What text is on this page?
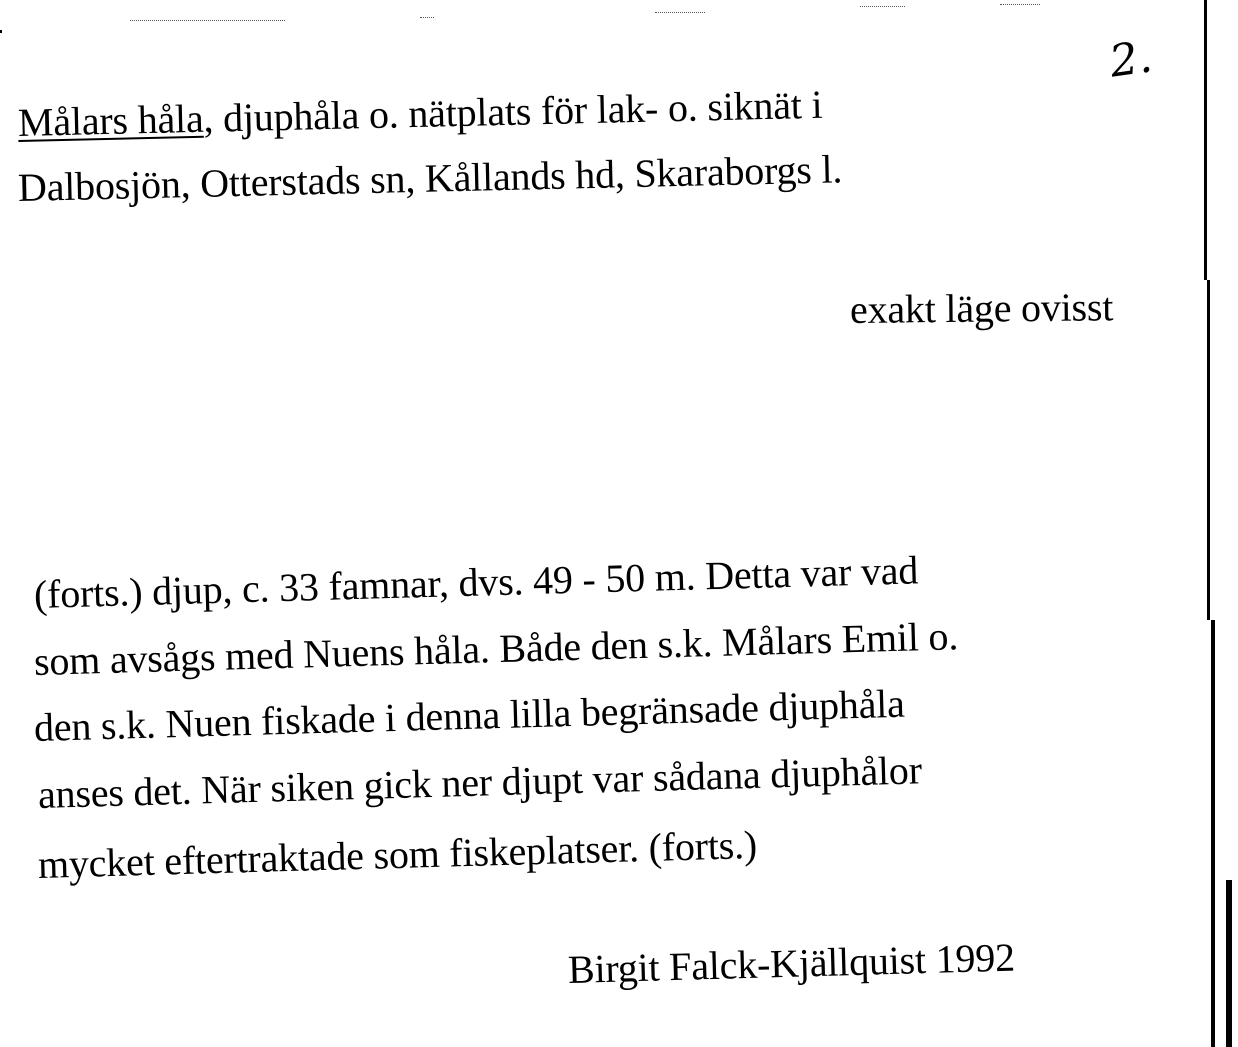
2.
Målars håla, djuphåla o. nätplats för lak- o. siknät i
Dalbosjön, Otterstads sn, Kållands hd, Skaraborgs l.
exakt läge ovisst
(forts.) djup, c. 33 famnar, dvs. 49 - 50 m. Detta var vad
som avsågs med Nuens håla. Både den s.k. Målars Emil o.
den s.k. Nuen fiskade i denna lilla begränsade djuphåla
anses det. När siken gick ner djupt var sådana djuphålor
mycket eftertraktade som fiskeplatser. (forts.)
Birgit Falck-Kjällquist 1992
